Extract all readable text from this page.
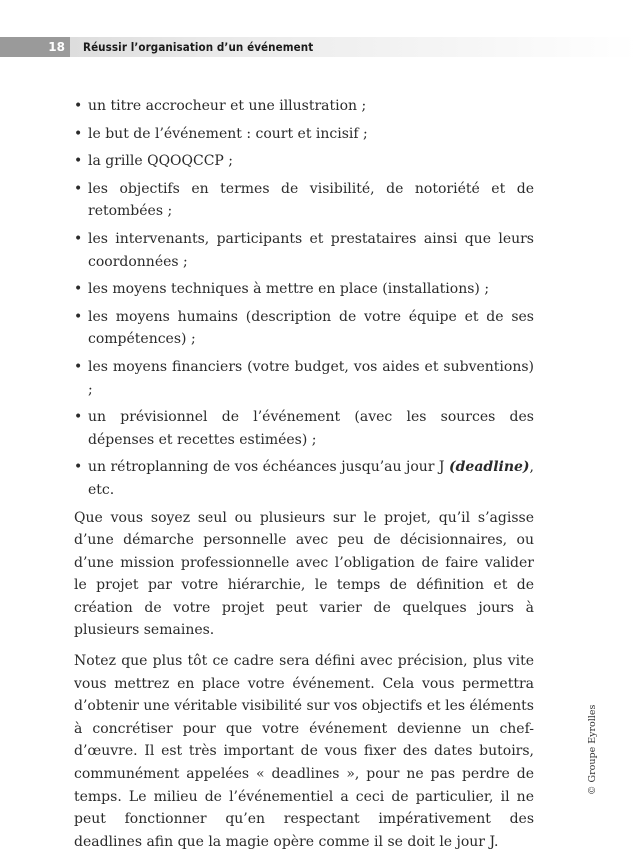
18	Réussir l’organisation d’un événement
• un titre accrocheur et une illustration ;
• le but de l’événement : court et incisif ;
• la grille QQOQCCP ;
• les objectifs en termes de visibilité, de notoriété et de retombées ;
• les intervenants, participants et prestataires ainsi que leurs coordonnées ;
• les moyens techniques à mettre en place (installations) ;
• les moyens humains (description de votre équipe et de ses compétences) ;
• les moyens financiers (votre budget, vos aides et subventions) ;
• un prévisionnel de l’événement (avec les sources des dépenses et recettes estimées) ;
• un rétroplanning de vos échéances jusqu’au jour J (deadline), etc.

Que vous soyez seul ou plusieurs sur le projet, qu’il s’agisse d’une démarche personnelle avec peu de décisionnaires, ou d’une mission professionnelle avec l’obligation de faire valider le projet par votre hiérarchie, le temps de définition et de création de votre projet peut varier de quelques jours à plusieurs semaines.

Notez que plus tôt ce cadre sera défini avec précision, plus vite vous mettrez en place votre événement. Cela vous permettra d’obtenir une véritable visibilité sur vos objectifs et les éléments à concrétiser pour que votre événement devienne un chef-d’œuvre. Il est très important de vous fixer des dates butoirs, communément appelées « deadlines », pour ne pas perdre de temps. Le milieu de l’événementiel a ceci de particulier, il ne peut fonctionner qu’en respectant impérativement des deadlines afin que la magie opère comme il se doit le jour J.

© Groupe Eyrolles
